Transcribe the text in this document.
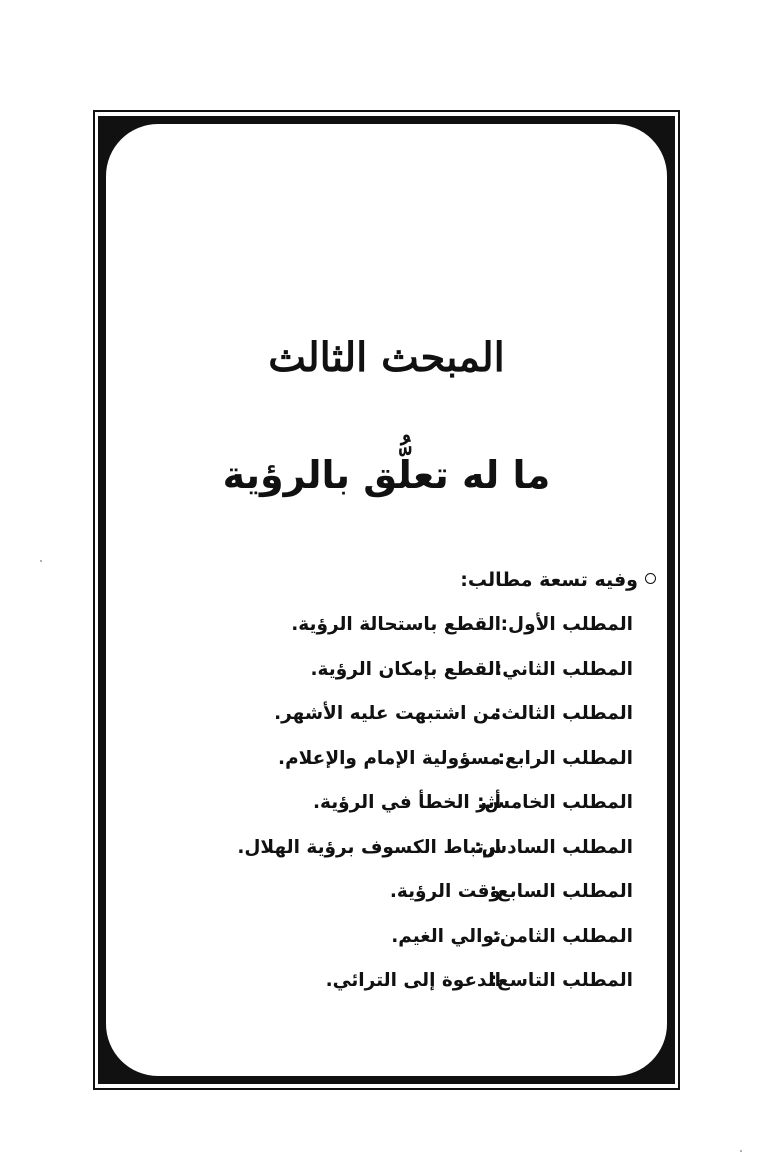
المبحث الثالث
ما له تعلُّق بالرؤية
وفيه تسعة مطالب:
المطلب الأول:القطع باستحالة الرؤية.
المطلب الثاني:القطع بإمكان الرؤية.
المطلب الثالث:من اشتبهت عليه الأشهر.
المطلب الرابع:مسؤولية الإمام والإعلام.
المطلب الخامس:أثر الخطأ في الرؤية.
المطلب السادس:ارتباط الكسوف برؤية الهلال.
المطلب السابع:وقت الرؤية.
المطلب الثامن:توالي الغيم.
المطلب التاسع:الدعوة إلى الترائي.
